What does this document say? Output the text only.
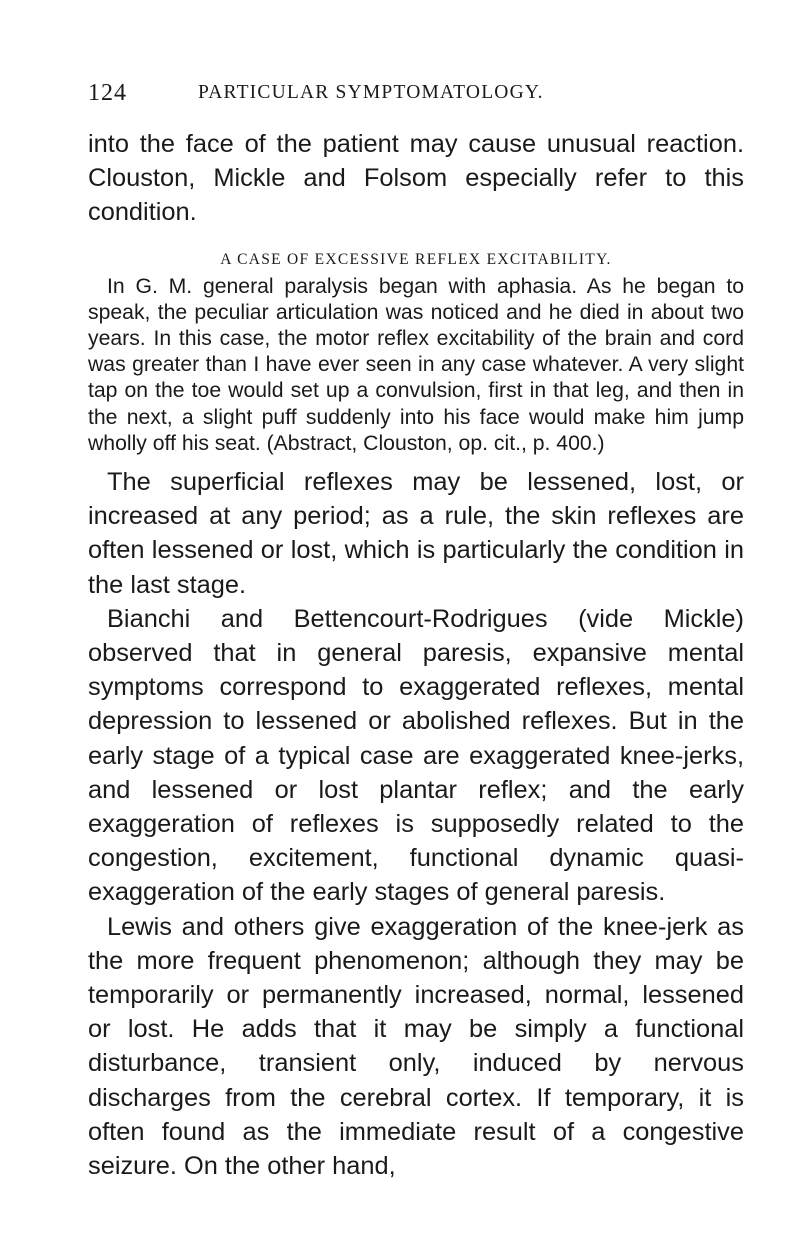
124	PARTICULAR SYMPTOMATOLOGY.

into the face of the patient may cause unusual reaction. Clouston, Mickle and Folsom especially refer to this condition.

A CASE OF EXCESSIVE REFLEX EXCITABILITY.

In G. M. general paralysis began with aphasia. As he began to speak, the peculiar articulation was noticed and he died in about two years. In this case, the motor reflex excitability of the brain and cord was greater than I have ever seen in any case whatever. A very slight tap on the toe would set up a convulsion, first in that leg, and then in the next, a slight puff suddenly into his face would make him jump wholly off his seat. (Abstract, Clouston, op. cit., p. 400.)

The superficial reflexes may be lessened, lost, or increased at any period; as a rule, the skin reflexes are often lessened or lost, which is particularly the condition in the last stage.

Bianchi and Bettencourt-Rodrigues (vide Mickle) observed that in general paresis, expansive mental symptoms correspond to exaggerated reflexes, mental depression to lessened or abolished reflexes. But in the early stage of a typical case are exaggerated knee-jerks, and lessened or lost plantar reflex; and the early exaggeration of reflexes is supposedly related to the congestion, excitement, functional dynamic quasi-exaggeration of the early stages of general paresis.

Lewis and others give exaggeration of the knee-jerk as the more frequent phenomenon; although they may be temporarily or permanently increased, normal, lessened or lost. He adds that it may be simply a functional disturbance, transient only, induced by nervous discharges from the cerebral cortex. If temporary, it is often found as the immediate result of a congestive seizure. On the other hand,
